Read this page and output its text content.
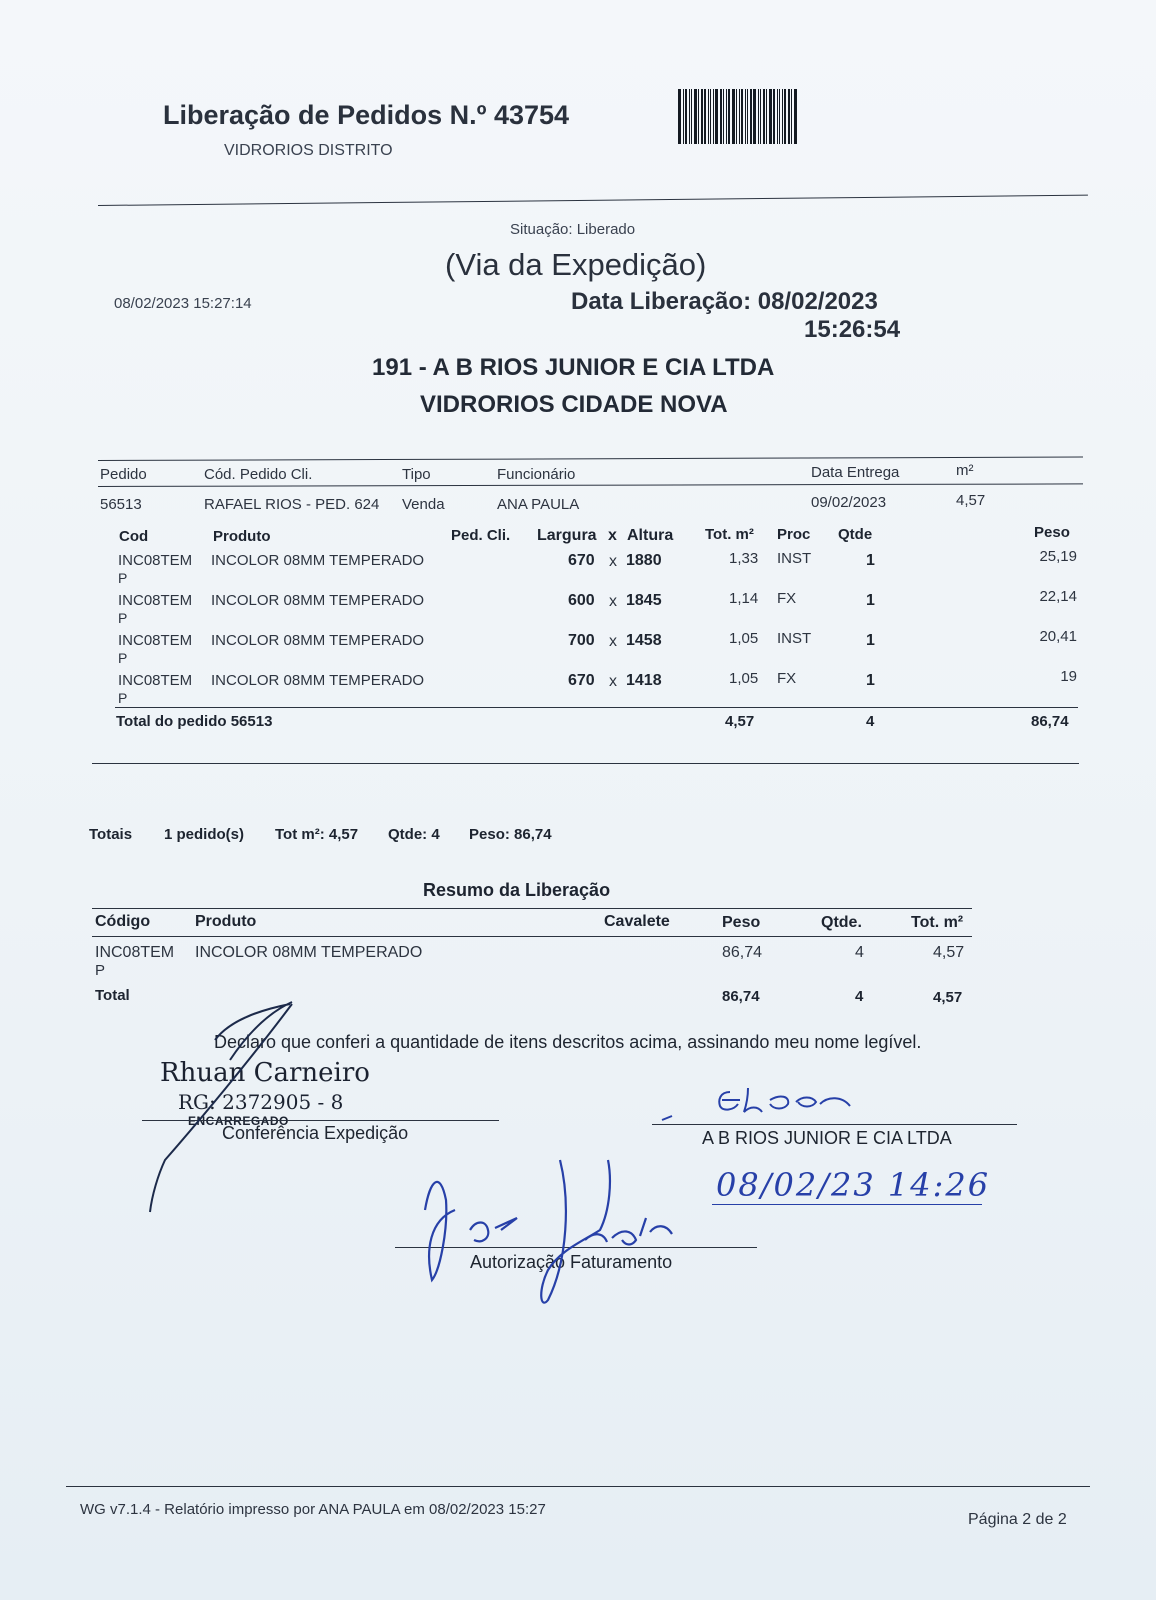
Liberação de Pedidos N.º 43754
VIDRORIOS DISTRITO
Situação: Liberado
(Via da Expedição)
08/02/2023 15:27:14	Data Liberação: 08/02/2023
15:26:54
191 - A B RIOS JUNIOR E CIA LTDA
VIDRORIOS CIDADE NOVA
Pedido	Cód. Pedido Cli.	Tipo	Funcionário	Data Entrega	m²
56513	RAFAEL RIOS - PED. 624 Venda	ANA PAULA	09/02/2023	4,57
Cod	Produto	Ped. Cli. Largura x Altura Tot. m² Proc Qtde	Peso
INC08TEM
P
INCOLOR 08MM TEMPERADO	670 x 1880	1,33 INST	1	25,19
INC08TEM
P
INCOLOR 08MM TEMPERADO	600 x 1845	1,14 FX	1	22,14
INC08TEM
P
INCOLOR 08MM TEMPERADO	700 x 1458	1,05 INST	1	20,41
INC08TEM
P
INCOLOR 08MM TEMPERADO	670 x 1418	1,05 FX	1	19
Total do pedido 56513	4,57	4	86,74
Totais 1 pedido(s) Tot m²: 4,57 Qtde: 4 Peso: 86,74
Resumo da Liberação
Código	Produto	Cavalete	Peso	Qtde.	Tot. m²
INC08TEM
P
INCOLOR 08MM TEMPERADO	86,74	4	4,57
Total	86,74	4	4,57
Declaro que conferi a quantidade de itens descritos acima, assinando meu nome legível.
Rhuan Carneiro
RG: 2372905 - 8
ENCARREGADO
Conferência Expedição	A B RIOS JUNIOR E CIA LTDA
08/02/23 14:26
Autorização Faturamento
WG v7.1.4 - Relatório impresso por ANA PAULA em 08/02/2023 15:27
Página 2 de 2
